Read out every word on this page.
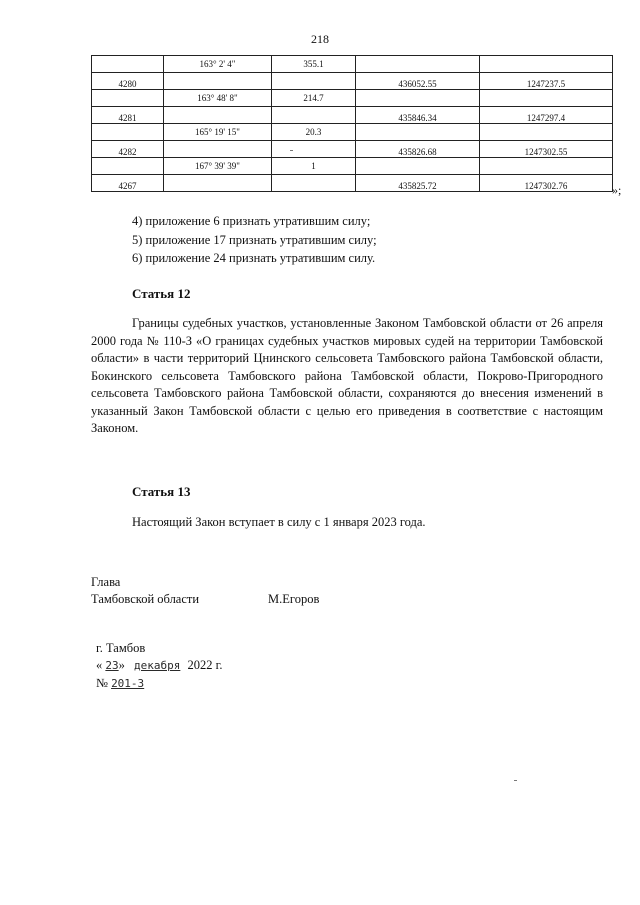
218
	163° 2' 4"	355.1		
4280			436052.55	1247237.5
	163° 48' 8"	214.7		
4281			435846.34	1247297.4
	165° 19' 15"	20.3		
4282			435826.68	1247302.55
	167° 39' 39"	1		
4267			435825.72	1247302.76	»;
4) приложение 6 признать утратившим силу;
5) приложение 17 признать утратившим силу;
6) приложение 24 признать утратившим силу.
Статья 12
Границы судебных участков, установленные Законом Тамбовской области от 26 апреля 2000 года № 110-З «О границах судебных участков мировых судей на территории Тамбовской области» в части территорий Цнинского сельсовета Тамбовского района Тамбовской области, Бокинского сельсовета Тамбовского района Тамбовской области, Покрово-Пригородного сельсовета Тамбовского района Тамбовской области, сохраняются до внесения изменений в указанный Закон Тамбовской области с целью его приведения в соответствие с настоящим Законом.
Статья 13
Настоящий Закон вступает в силу с 1 января 2023 года.
Глава
Тамбовской области	М.Егоров
г. Тамбов
« 23» декабря 2022 г.
№ 201-З
